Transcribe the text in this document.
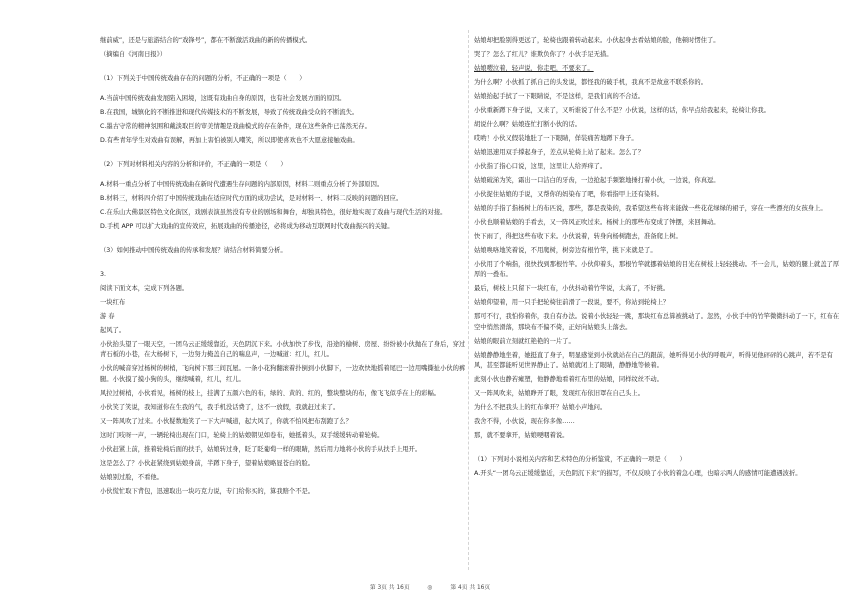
继前威”，还是与旅游结合的“戏锋号”，都在不断激活戏曲的新的传播模式。

（摘编自《河南日报》）

（1）下列关于中国传统戏曲存在的问题的分析，不正确的一项是（　　）

A.当前中国传统戏曲发展陷入困境，这既有戏曲自身的原因，也有社会发展方面的原因。

B.在我国，城镇化的不断推进和现代传媒技术的不断发展，导致了传统戏曲受众的不断流失。

C.墨古守常的精神氛围和戴淡取巨的审美情趣是戏曲模式的存在条件，现在这些条件已荡然无存。

D.有些青年学生对戏曲有误解，再加上害怕被别人嘲笑，所以即使喜欢也不大愿意接触戏曲。

（2）下列对材料相关内容的分析和评价，不正确的一项是（　　）

A.材料一重点分析了中国传统戏曲在新时代遭遇生存问题的内部原因，材料二则重点分析了外部原因。

B.材料三，材料四介绍了中国传统戏曲在适应时代方面的成功尝试，是对材料一、材料二反映的问题的回应。

C.在乐山大佛景区特色文化街区，戏剧表演虽然没有专业的剧场和舞台，却独具特色，很好地实现了戏曲与现代生活的对接。

D.手机 APP 可以扩大戏曲的宣传效应，拓展戏曲的传播途径，必将成为移动互联网时代戏曲振兴的关键。

（3）如何推动中国传统戏曲的传承和发展？请结合材料简要分析。

3.

阅读下面文本，完成下列各题。

一块红布

游 春

起风了。

小伙抬头望了一眼天空，一团乌云正缓缓靠近，天色阴沉下来。小伙加快了步伐，沿途的榆树、房屋、纷纷被小伙抛在了身后，穿过青石板的小巷，在大杨树下，一边努力掩盖自己的喘息声，一边喊道：红儿，红儿。

小伙的喊音穿过杨树的树梢，飞向树下那三间瓦屋。一条小花狗翻滚着扑倒到小伙脚下，一边欢快地摇着尾巴一边用嘴撕扯小伙的裤腿。小伙摸了摸小狗的头，继续喊着，红儿，红儿。

风拉过树梢，小伙看见，杨树的枝上，挂满了五颜六色的布，绿的、黄的、红的，整块整块的布，像飞飞似乎在上的彩幅。

小伙笑了笑说，我知道你在生我的气，我手机没话费了，这不一放假，我就赶过来了。

又一阵风吹了过来。小伙疑数地笑了一下大声喊道，起大风了，你就不怕风把布刮跑了么？

这时门吱呀一声，一辆轮椅出现在门口，轮椅上的姑娘朝见如卷布，她抵着头，双手缓缓转动着轮椅。

小伙赶紧上前，推着轮椅后面的扶手，姑娘转过身，眨了眨葡萄一样的眼睛，然后用力地将小伙的手从扶手上甩开。

这是怎么了？小伙赶紧绕到姑娘身前，半蹲下身子，望着姑娘略显苍白的脸。

姑娘别过脸，不看他。

小伙慌忙取下背包，迅速取出一块巧克力说，专门给你买的，算我赔个不是。

姑娘却把脸别得更远了，轮椅也跟着转动起来。小伙起身去看姑娘的脸，他顿时愣住了。

哭了？怎么了红儿？谁欺负你了？小伙手足无措。

姑娘嘤泣着，轻声说，你走吧，不要来了。

为什么啊？小伙抓了抓自己的头发说，都怪我的破手机，我真不是故意不联系你的。

姑娘抬起手拭了一下眼睛说，不是这样，是我们真的不合适。

小伙重新蹲下身子说，又来了，又听谁说了什么不是？小伙说，这样的话，你早点给我起来，轮椅让你我。

胡说什么啊？姑娘连忙打断小伙的话。

哎哟！小伙又假装地肚了一下眼睛，佯装痛苦地蹲下身子。

姑娘迅速用双手撑起身子，差点从轮椅上站了起来。怎么了？

小伙指了指心口说，这里，这里让人给弄痒了。

姑娘破涕为笑，霜出一口洁白的牙齿，一边抢起手频繁地捶打着小伙，一边说，你真逗。

小伙捉住姑娘的手说，又帮你的妈染布了吧，你看指甲上还有染料。

姑娘的手指了指杨树上的布匹说，那些，都是我染的，我希望这些布将来能做一些花花绿绿的裙子，穿在一些漂亮的女孩身上。

小伙也顺着姑娘的手看去，又一阵风正吹过来。杨树上的那些布变成了钟摆，来回舞动。

快下雨了，得把这些布收下来。小伙说着，转身向杨树跑去，准备爬上树。

姑娘唤咯地笑着说，不用爬树，树旁边有根竹竿，挑下来就是了。

小伙用了个响指，很快找到那根竹竿。小伙仰着头，那根竹竿就挪着姑娘的目光在树枝上轻轻挑动。不一会儿，姑娘的腿上就盖了厚厚的一叠布。

最后，树枝上只留下一块红布，小伙抖动着竹竿说，太高了，不好挑。

姑娘仰望着，用一只手把轮椅往前滑了一段说，要不，你站到轮椅上？

那可不行，我怕你着你，我自有办法。说着小伙轻轻一跳，那块红布总算被挑动了。忽然，小伙手中的竹竿微微抖动了一下，红布在空中悄然滑落，那块布不偏不倚，正好向姑娘头上落去。

姑娘的眼前立刻就红艳艳的一片了。

姑娘静静地坐着，她挺直了身子，明显感觉到小伙就站在自己的跟前，她听得见小伙的呼吸声，听得见他砰砰的心跳声，若不是有风，甚至都能听见世界静止了。姑娘就闭上了眼睛，静静地等候着。

此刻小伙也静若瘫塑，他静静地看着红布里的姑娘，同样纹丝不动。

又一阵风吹来，姑娘睁开了眼，发现红布依旧罩在自己头上。

为什么不把我头上的红布拿开？姑娘小声地问。

我舍不得，小伙说，现在你多像……

那，就不要拿开，姑娘哽咽着说。

（1）下列对小说相关内容和艺术特色的分析鉴赏，不正确的一项是（　　）

A.开头“一团乌云正缓缓靠近，天色阴沉下来”的描写，不仅反映了小伙的着急心理，也暗示两人的感情可能遭遇波折。

第 3页 共 16页	◎	第 4页 共 16页
